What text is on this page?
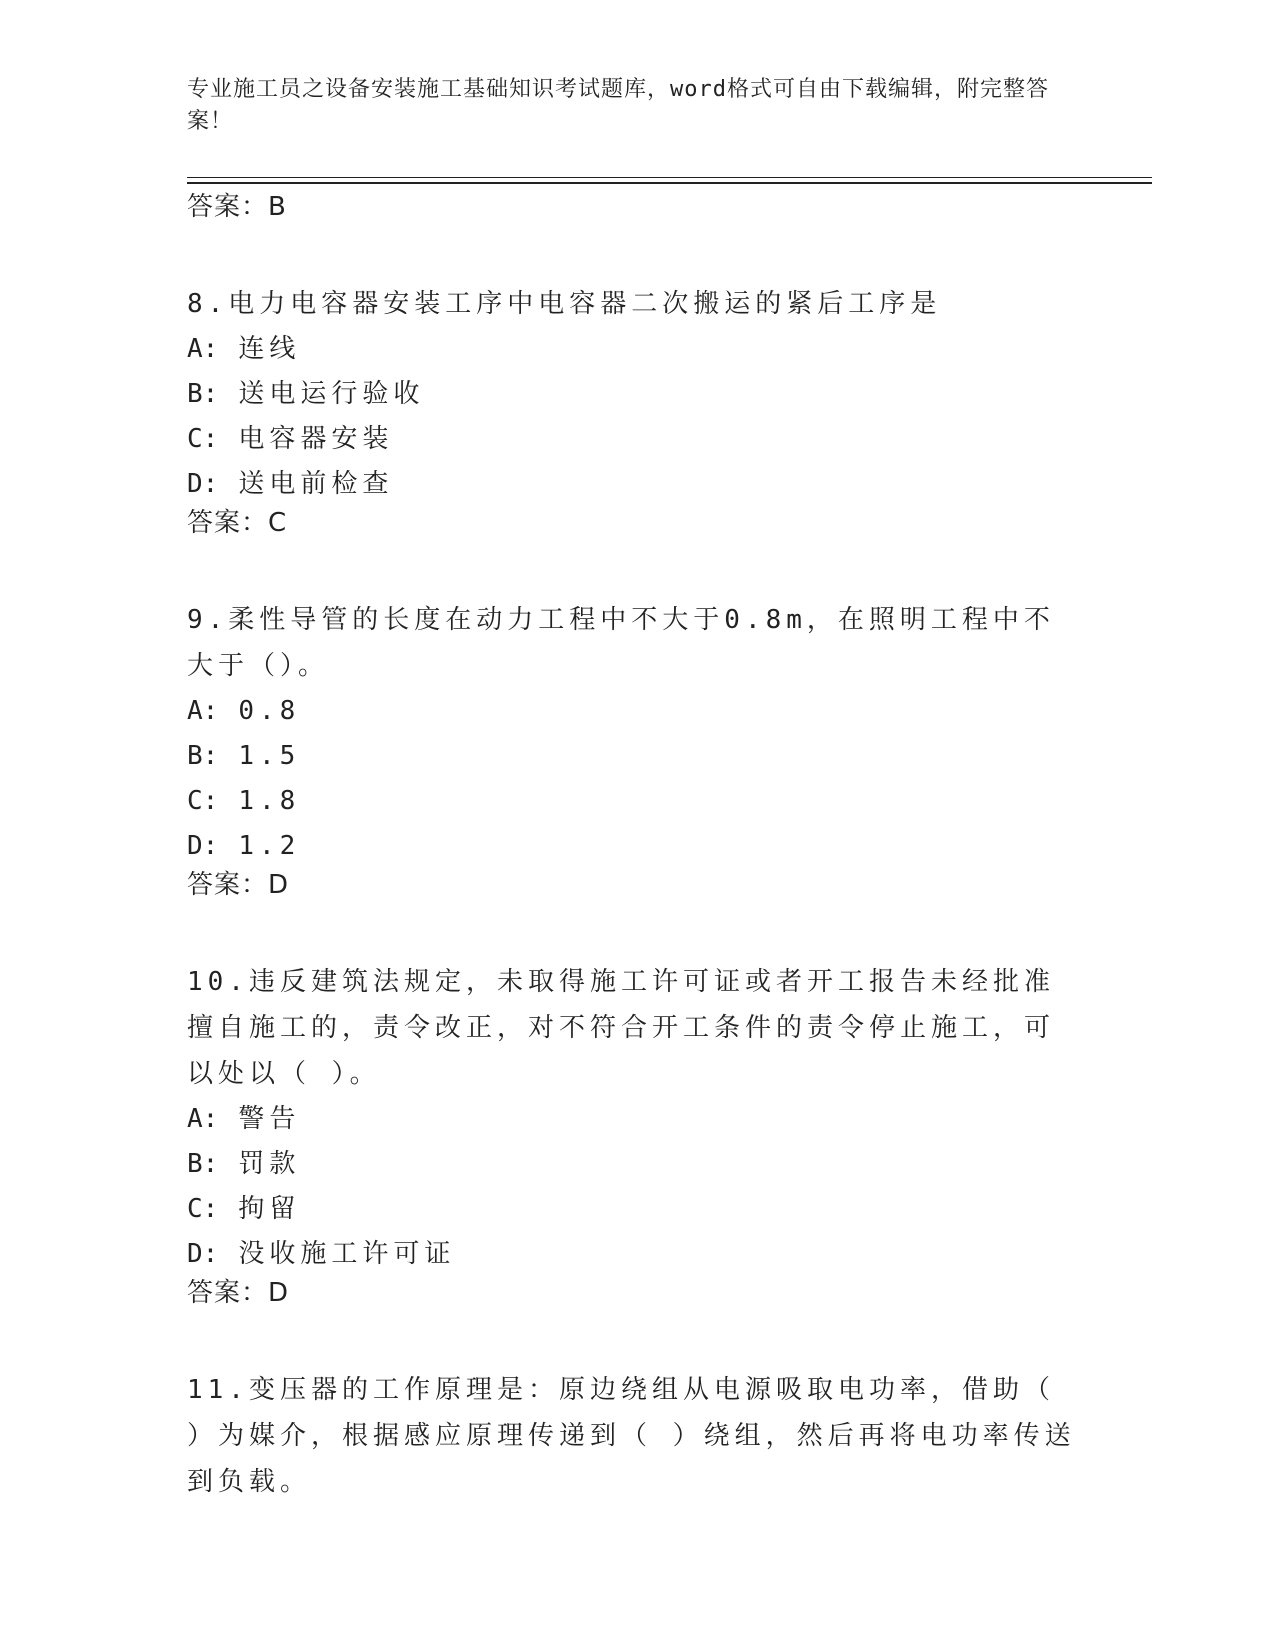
专业施工员之设备安装施工基础知识考试题库，word格式可自由下载编辑，附完整答案！
答案：B

8.电力电容器安装工序中电容器二次搬运的紧后工序是

A: 连线
B: 送电运行验收
C: 电容器安装
D: 送电前检查
答案：C

9.柔性导管的长度在动力工程中不大于0.8m，在照明工程中不大于（）。

A: 0.8
B: 1.5
C: 1.8
D: 1.2
答案：D

10.违反建筑法规定，未取得施工许可证或者开工报告未经批准擅自施工的，责令改正，对不符合开工条件的责令停止施工，可以处以（ ）。

A: 警告
B: 罚款
C: 拘留
D: 没收施工许可证
答案：D

11.变压器的工作原理是：原边绕组从电源吸取电功率，借助（ ）为媒介，根据感应原理传递到（ ）绕组，然后再将电功率传送到负载。
